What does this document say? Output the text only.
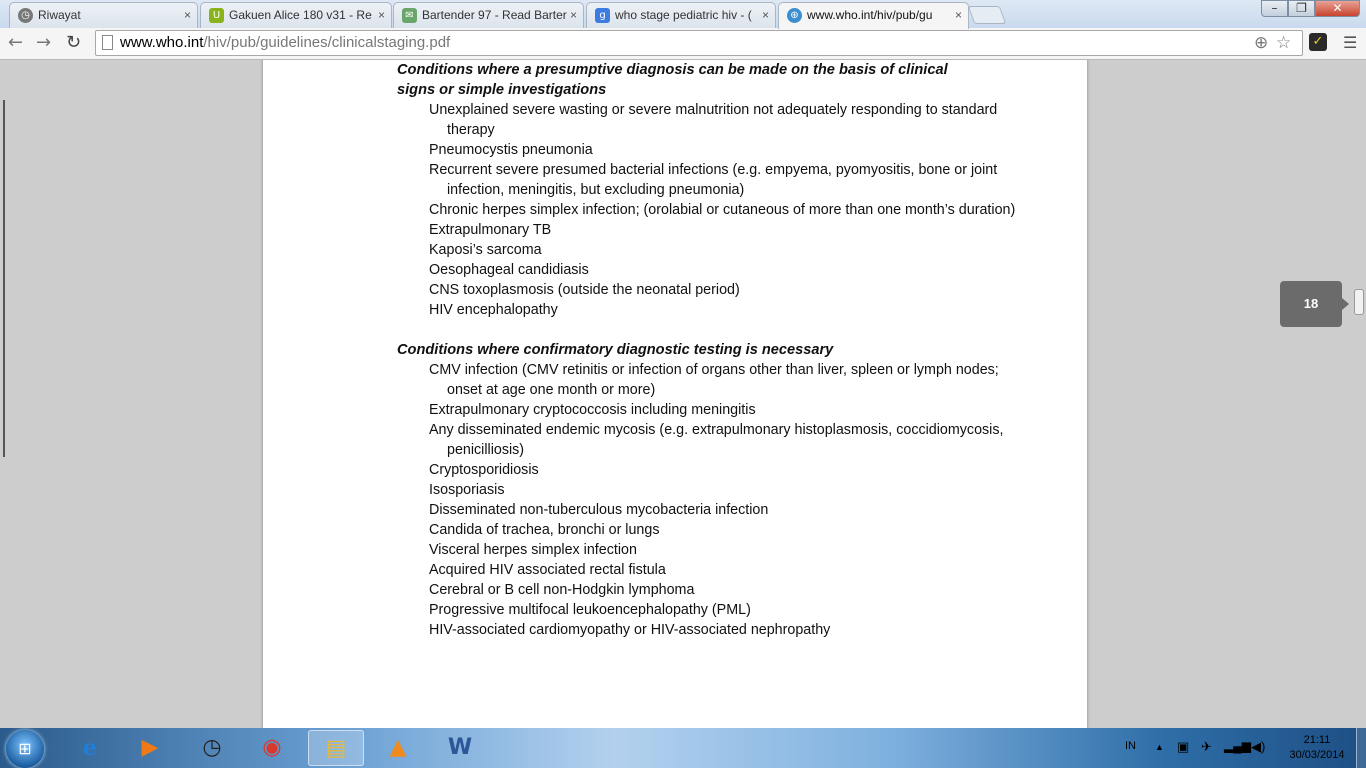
◷ Riwayat	×	U Gakuen Alice 180 v31 - Re ×	✉ Bartender 97 - Read Barter ×	g who stage pediatric hiv - ( ×	⊕ www.who.int/hiv/pub/gu ×	–	❐	✕
← → ↻	www.who.int/hiv/pub/guidelines/clinicalstaging.pdf	⊕ ☆ ✓ ☰
Conditions where a presumptive diagnosis can be made on the basis of clinical
signs or simple investigations
Unexplained severe wasting or severe malnutrition not adequately responding to standard
therapy
Pneumocystis pneumonia
Recurrent severe presumed bacterial infections (e.g. empyema, pyomyositis, bone or joint
infection, meningitis, but excluding pneumonia)
Chronic herpes simplex infection; (orolabial or cutaneous of more than one month’s duration)
Extrapulmonary TB
Kaposi’s sarcoma
Oesophageal candidiasis
CNS toxoplasmosis (outside the neonatal period)
HIV encephalopathy
Conditions where confirmatory diagnostic testing is necessary
CMV infection (CMV retinitis or infection of organs other than liver, spleen or lymph nodes;
onset at age one month or more)
Extrapulmonary cryptococcosis including meningitis
Any disseminated endemic mycosis (e.g. extrapulmonary histoplasmosis, coccidiomycosis,
penicilliosis)
Cryptosporidiosis
Isosporiasis
Disseminated non-tuberculous mycobacteria infection
Candida of trachea, bronchi or lungs
Visceral herpes simplex infection
Acquired HIV associated rectal fistula
Cerebral or B cell non-Hodgkin lymphoma
Progressive multifocal leukoencephalopathy (PML)
HIV-associated cardiomyopathy or HIV-associated nephropathy
18
⊞	e	▶	◷	◉	▤	▲	W	IN ▲ ▣ ✈ ▂▄▆ ◀)	21:11
30/03/2014
